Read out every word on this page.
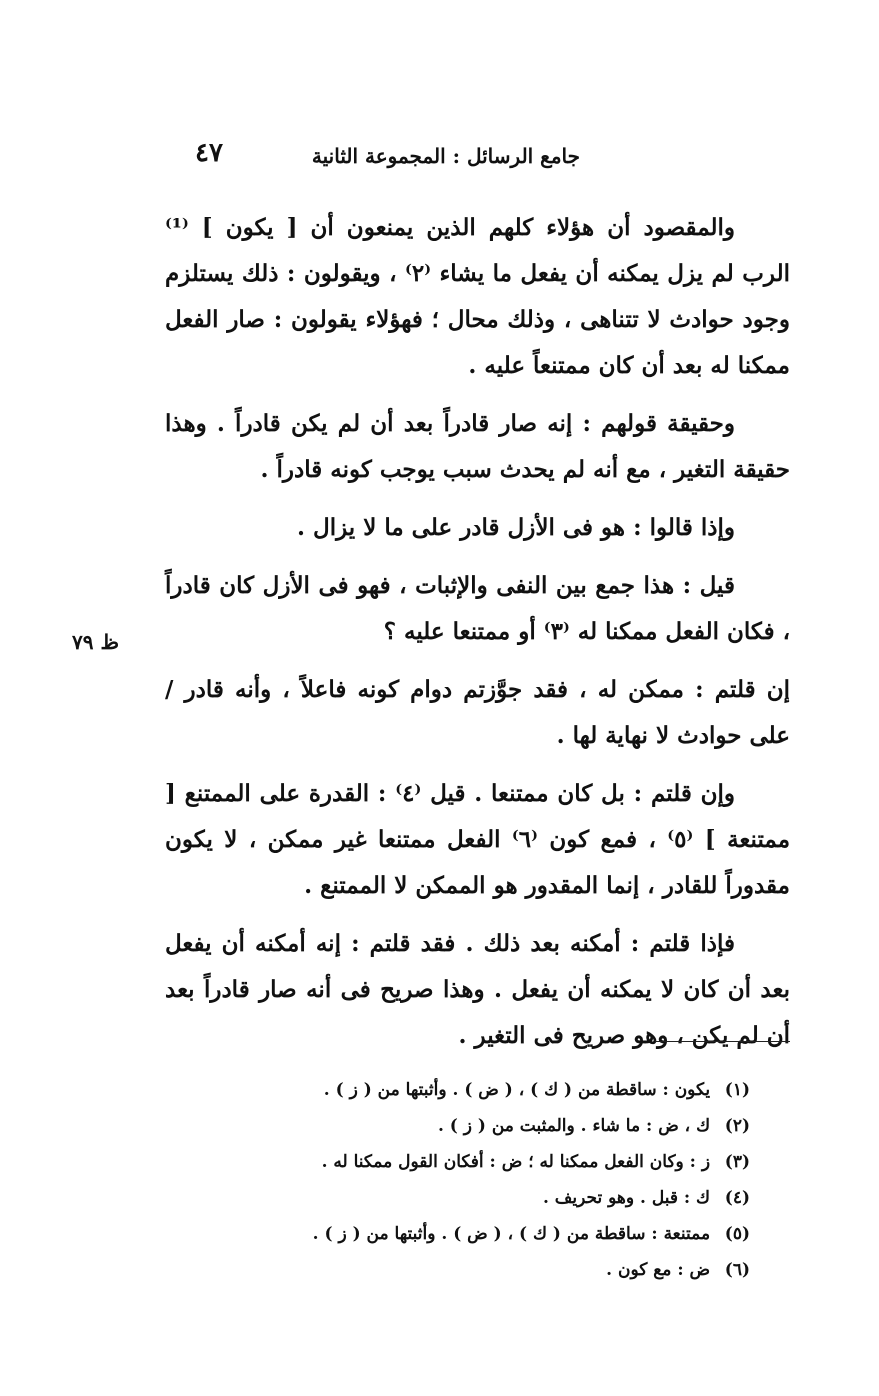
جامع الرسائل : المجموعة الثانية
٤٧

والمقصود أن هؤلاء كلهم الذين يمنعون أن [ يكون ] ⁽¹⁾ الرب لم يزل يمكنه أن يفعل ما يشاء ⁽٢⁾ ، ويقولون : ذلك يستلزم وجود حوادث لا تتناهى ، وذلك محال ؛ فهؤلاء يقولون : صار الفعل ممكنا له بعد أن كان ممتنعاً عليه .

وحقيقة قولهم : إنه صار قادراً بعد أن لم يكن قادراً . وهذا حقيقة التغير ، مع أنه لم يحدث سبب يوجب كونه قادراً .

وإذا قالوا : هو فى الأزل قادر على ما لا يزال .

قيل : هذا جمع بين النفى والإثبات ، فهو فى الأزل كان قادراً ، فكان الفعل ممكنا له ⁽٣⁾ أو ممتنعا عليه ؟

إن قلتم : ممكن له ، فقد جوَّزتم دوام كونه فاعلاً ، وأنه قادر / على حوادث لا نهاية لها .

وإن قلتم : بل كان ممتنعا . قيل ⁽٤⁾ : القدرة على الممتنع [ ممتنعة ] ⁽٥⁾ ، فمع كون ⁽٦⁾ الفعل ممتنعا غير ممكن ، لا يكون مقدوراً للقادر ، إنما المقدور هو الممكن لا الممتنع .

فإذا قلتم : أمكنه بعد ذلك . فقد قلتم : إنه أمكنه أن يفعل بعد أن كان لا يمكنه أن يفعل . وهذا صريح فى أنه صار قادراً بعد أن لم يكن ، وهو صريح فى التغير .

ظ ٧٩
(١) يكون : ساقطة من ( ك ) ، ( ض ) . وأثبتها من ( ز ) .
(٢) ك ، ض : ما شاء . والمثبت من ( ز ) .
(٣) ز : وكان الفعل ممكنا له ؛ ض : أفكان القول ممكنا له .
(٤) ك : قبل . وهو تحريف .
(٥) ممتنعة : ساقطة من ( ك ) ، ( ض ) . وأثبتها من ( ز ) .
(٦) ض : مع كون .
